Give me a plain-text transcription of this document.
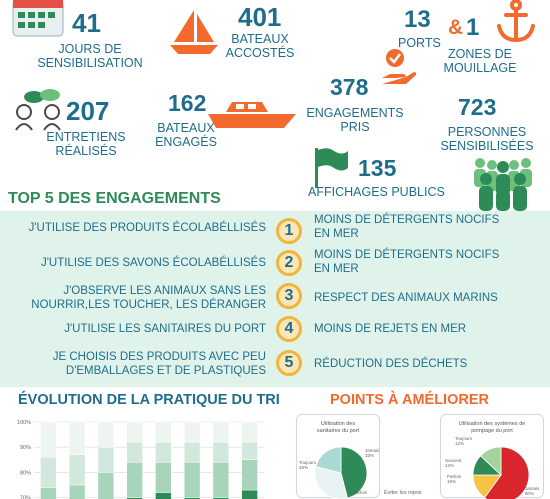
41
JOURS DE
SENSIBILISATION
401
BATEAUX
ACCOSTÉS
13
PORTS
& 1
ZONES DE
MOUILLAGE
207
ENTRETIENS
RÉALISÉS
162
BATEAUX
ENGAGÉS
378
ENGAGEMENTS
PRIS
723
PERSONNES
SENSIBILISÉES
135
AFFICHAGES PUBLICS
TOP 5 DES ENGAGEMENTS
J'UTILISE DES PRODUITS ÉCOLABÉLLISÉS	1
MOINS DE DÉTERGENTS NOCIFS
EN MER
J'UTILISE DES SAVONS ÉCOLABÉLLISÉS	2	MOINS DE DÉTERGENTS NOCIFS
EN MER
J'OBSERVE LES ANIMAUX SANS LES
NOURRIR,LES TOUCHER, LES DÉRANGER
3	RESPECT DES ANIMAUX MARINS
J'UTILISE LES SANITAIRES DU PORT	4	MOINS DE REJETS EN MER
JE CHOISIS DES PRODUITS AVEC PEU
D'EMBALLAGES ET DE PLASTIQUES
5	RÉDUCTION DES DÉCHETS
ÉVOLUTION DE LA PRATIQUE DU TRI	POINTS À AMÉLIORER
100%
90%
80%
70%
Utilisation des sanitaires du port
Toujours 46%
Jamais 33%
Parfois	Éviter les rejets
Utilisation des systèmes de pompage du port
Toujours 12%
Souvent 13%
Parfois 15%
Jamais 60%
